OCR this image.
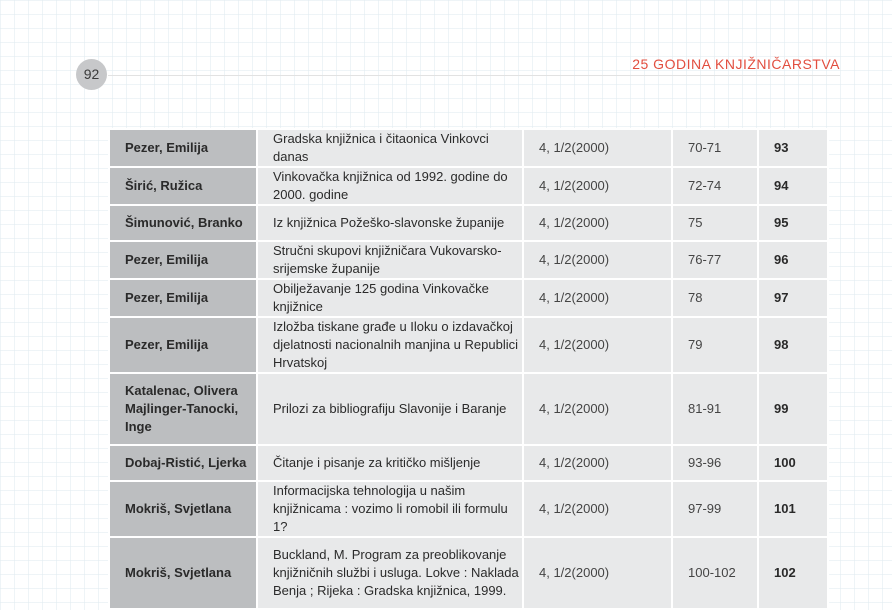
92
25 GODINA KNJIŽNIČARSTVA
Pezer, Emilija	Gradska knjižnica i čitaonica Vinkovci danas	4, 1/2(2000)	70-71	93
Širić, Ružica	Vinkovačka knjižnica od 1992. godine do 2000. godine	4, 1/2(2000)	72-74	94
Šimunović, Branko	Iz knjižnica Požeško-slavonske županije	4, 1/2(2000)	75	95
Pezer, Emilija	Stručni skupovi knjižničara Vukovarsko-srijemske županije	4, 1/2(2000)	76-77	96
Pezer, Emilija	Obilježavanje 125 godina Vinkovačke knjižnice	4, 1/2(2000)	78	97
Pezer, Emilija	Izložba tiskane građe u Iloku o izdavačkoj djelatnosti nacionalnih manjina u Republici Hrvatskoj	4, 1/2(2000)	79	98
Katalenac, Olivera Majlinger-Tanocki, Inge	Prilozi za bibliografiju Slavonije i Baranje	4, 1/2(2000)	81-91	99
Dobaj-Ristić, Ljerka	Čitanje i pisanje za kritičko mišljenje	4, 1/2(2000)	93-96	100
Mokriš, Svjetlana	Informacijska tehnologija u našim knjižnicama : vozimo li romobil ili formulu 1?	4, 1/2(2000)	97-99	101
Mokriš, Svjetlana	Buckland, M. Program za preoblikovanje knjižničnih službi i usluga. Lokve : Naklada Benja ; Rijeka : Gradska knjižnica, 1999.	4, 1/2(2000)	100-102	102
